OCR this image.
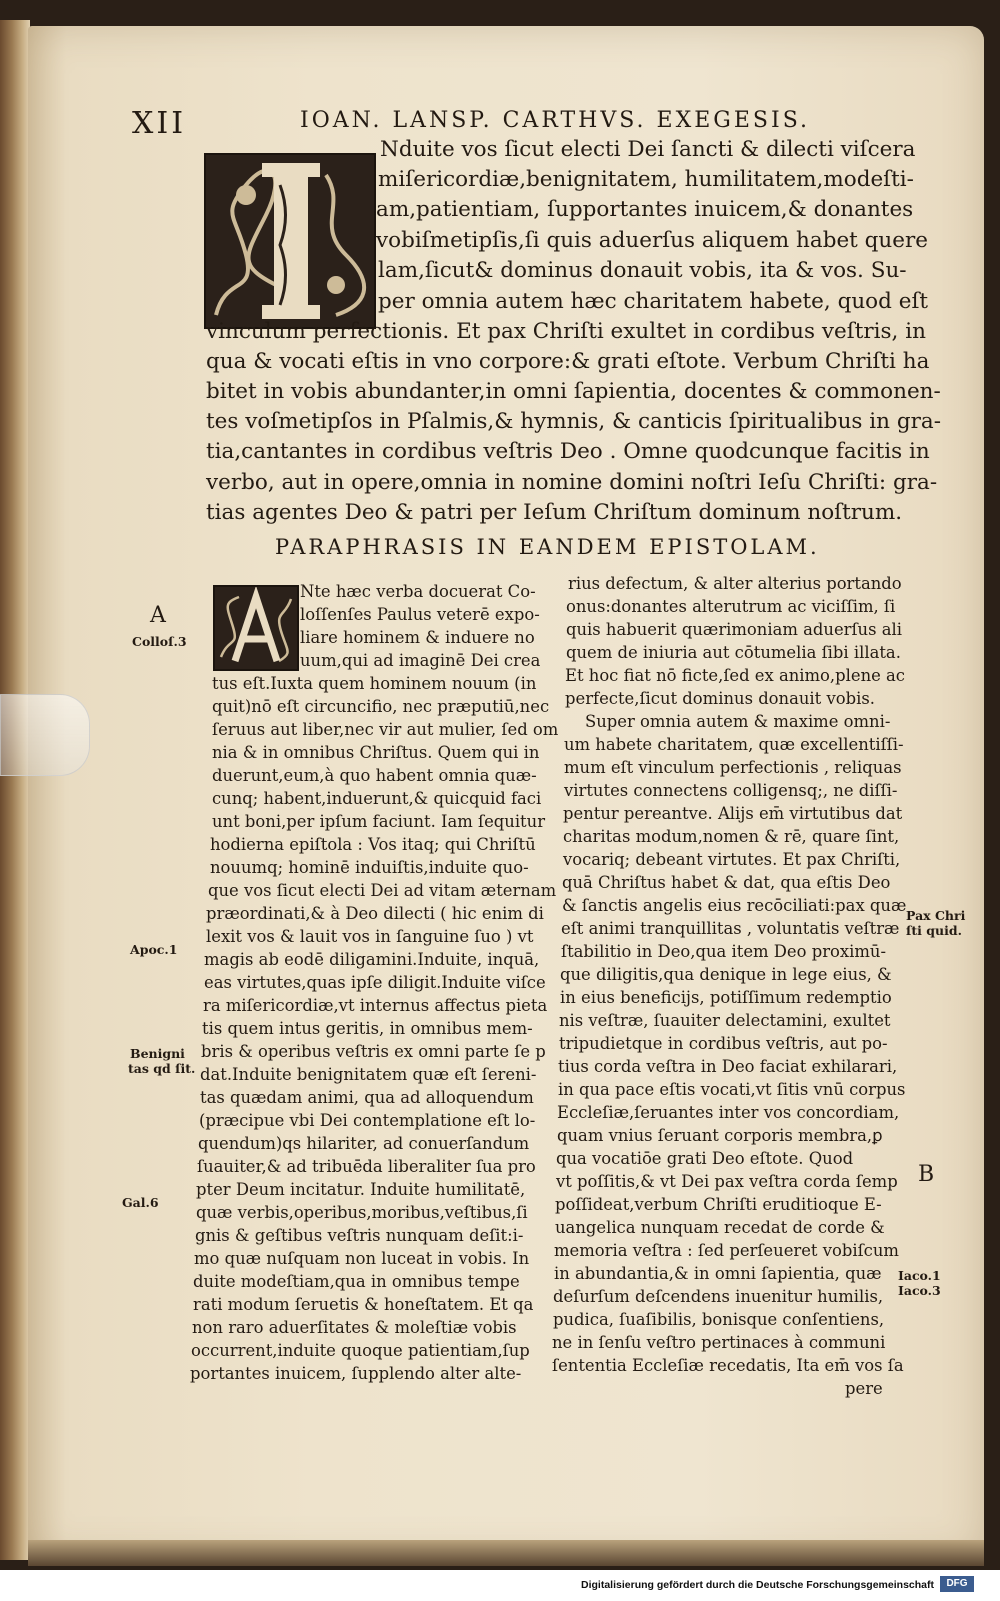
XII	IOAN. LANSP. CARTHVS. EXEGESIS.
Nduite vos ſicut electi Dei ſancti & dilecti viſcera
miſericordiæ,benignitatem, humilitatem,modeſti-
am,patientiam, ſupportantes inuicem,& donantes
vobiſmetipſis,ſi quis aduerſus aliquem habet quere
lam,ſicut& dominus donauit vobis, ita & vos. Su-
per omnia autem hæc charitatem habete, quod eſt
vinculum perfectionis. Et pax Chriſti exultet in cordibus veſtris, in
qua & vocati eſtis in vno corpore:& grati eſtote. Verbum Chriſti ha
bitet in vobis abundanter,in omni ſapientia, docentes & commonen-
tes voſmetipſos in Pſalmis,& hymnis, & canticis ſpiritualibus in gra-
tia,cantantes in cordibus veſtris Deo . Omne quodcunque facitis in
verbo, aut in opere,omnia in nomine domini noſtri Ieſu Chriſti: gra-
tias agentes Deo & patri per Ieſum Chriſtum dominum noſtrum.
PARAPHRASIS IN EANDEM EPISTOLAM.
Nte hæc verba docuerat Co-
loſſenſes Paulus veterē expo-
liare hominem & induere no
uum,qui ad imaginē Dei crea
tus eſt.Iuxta quem hominem nouum (in
quit)nō eſt circuncifio, nec præputiū,nec
ſeruus aut liber,nec vir aut mulier, ſed om
nia & in omnibus Chriſtus. Quem qui in
duerunt,eum,à quo habent omnia quæ-
cunq; habent,induerunt,& quicquid faci
unt boni,per ipſum faciunt. Iam ſequitur
hodierna epiſtola : Vos itaq; qui Chriſtū
nouumq; hominē induiſtis,induite quo-
que vos ſicut electi Dei ad vitam æternam
præordinati,& à Deo dilecti ( hic enim di
lexit vos & lauit vos in ſanguine ſuo ) vt
magis ab eodē diligamini.Induite, inquā,
eas virtutes,quas ipſe diligit.Induite viſce
ra miſericordiæ,vt internus affectus pieta
tis quem intus geritis, in omnibus mem-
bris & operibus veſtris ex omni parte ſe p
dat.Induite benignitatem quæ eſt ſereni-
tas quædam animi, qua ad alloquendum
(præcipue vbi Dei contemplatione eſt lo-
quendum)qs hilariter, ad conuerſandum
ſuauiter,& ad tribuēda liberaliter ſua pro
pter Deum incitatur. Induite humilitatē,
quæ verbis,operibus,moribus,veſtibus,ſi
gnis & geſtibus veſtris nunquam deſit:i-
mo quæ nuſquam non luceat in vobis. In
duite modeſtiam,qua in omnibus tempe
rati modum ſeruetis & honeſtatem. Et qa
non raro aduerſitates & moleſtiæ vobis
occurrent,induite quoque patientiam,ſup
portantes inuicem, ſupplendo alter alte-
rius defectum, & alter alterius portando
onus:donantes alterutrum ac viciſſim, ſi
quis habuerit quærimoniam aduerſus ali
quem de iniuria aut cōtumelia ſibi illata.
Et hoc fiat nō ficte,ſed ex animo,plene ac
perfecte,ſicut dominus donauit vobis.
Super omnia autem & maxime omni-
um habete charitatem, quæ excellentiſſi-
mum eſt vinculum perfectionis , reliquas
virtutes connectens colligensq;, ne diſſi-
pentur pereantve. Alijs em̄ virtutibus dat
charitas modum,nomen & rē, quare ſint,
vocariq; debeant virtutes. Et pax Chriſti,
quā Chriſtus habet & dat, qua eſtis Deo
& ſanctis angelis eius recōciliati:pax quæ
eſt animi tranquillitas , voluntatis veſtræ
ſtabilitio in Deo,qua item Deo proximū-
que diligitis,qua denique in lege eius, &
in eius beneficijs, potiſſimum redemptio
nis veſtræ, ſuauiter delectamini, exultet
tripudietque in cordibus veſtris, aut po-
tius corda veſtra in Deo faciat exhilarari,
in qua pace eſtis vocati,vt ſitis vnū corpus
Eccleſiæ,ſeruantes inter vos concordiam,
quam vnius ſeruant corporis membra,ꝑ
qua vocatiōe grati Deo eſtote. Quod
vt poſſitis,& vt Dei pax veſtra corda ſemp
poſſideat,verbum Chriſti eruditioque E-
uangelica nunquam recedat de corde &
memoria veſtra : ſed perſeueret vobiſcum
in abundantia,& in omni ſapientia, quæ
deſurſum deſcendens inuenitur humilis,
pudica, ſuaſibilis, bonisque conſentiens,
ne in ſenſu veſtro pertinaces à communi
ſententia Eccleſiæ recedatis, Ita em̄ vos ſa
pere
A
Colloſ.3
Apoc.1
Benigni
tas qd ſit.
Gal.6
Pax Chri
ſti quid.
B
Iaco.1
Iaco.3
Digitalisierung gefördert durch die Deutsche Forschungsgemeinschaft	DFG
